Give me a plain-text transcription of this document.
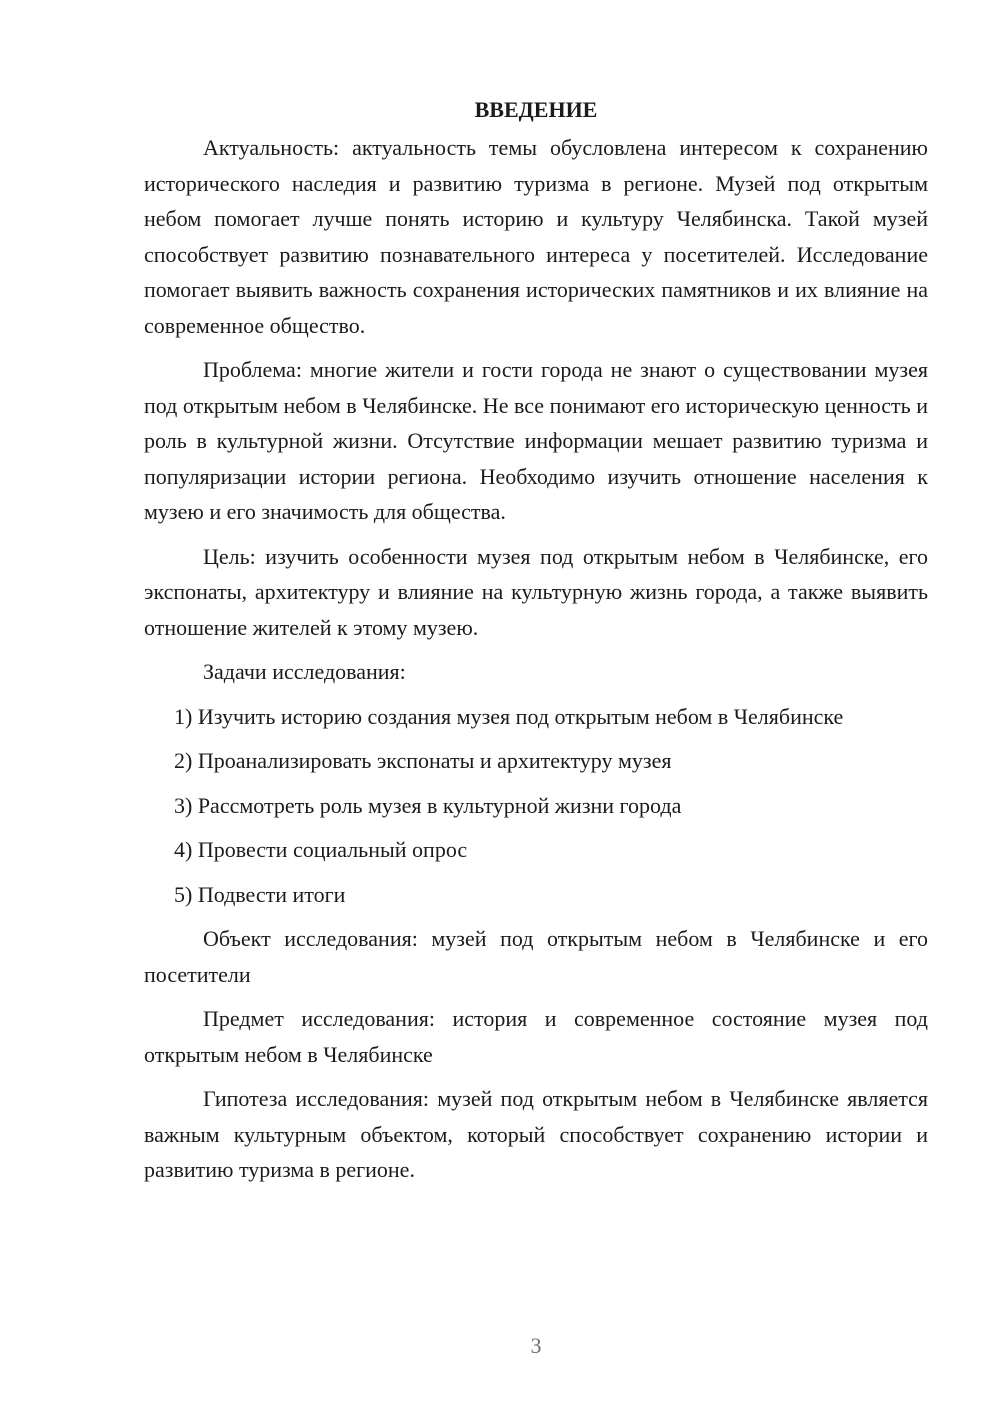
ВВЕДЕНИЕ

Актуальность: актуальность темы обусловлена интересом к сохранению исторического наследия и развитию туризма в регионе. Музей под открытым небом помогает лучше понять историю и культуру Челябинска. Такой музей способствует развитию познавательного интереса у посетителей. Исследование помогает выявить важность сохранения исторических памятников и их влияние на современное общество.

Проблема: многие жители и гости города не знают о существовании музея под открытым небом в Челябинске. Не все понимают его историческую ценность и роль в культурной жизни. Отсутствие информации мешает развитию туризма и популяризации истории региона. Необходимо изучить отношение населения к музею и его значимость для общества.

Цель: изучить особенности музея под открытым небом в Челябинске, его экспонаты, архитектуру и влияние на культурную жизнь города, а также выявить отношение жителей к этому музею.

Задачи исследования:

1) Изучить историю создания музея под открытым небом в Челябинске

2) Проанализировать экспонаты и архитектуру музея

3) Рассмотреть роль музея в культурной жизни города

4) Провести социальный опрос

5) Подвести итоги

Объект исследования: музей под открытым небом в Челябинске и его посетители

Предмет исследования: история и современное состояние музея под открытым небом в Челябинске

Гипотеза исследования: музей под открытым небом в Челябинске является важным культурным объектом, который способствует сохранению истории и развитию туризма в регионе.

3
